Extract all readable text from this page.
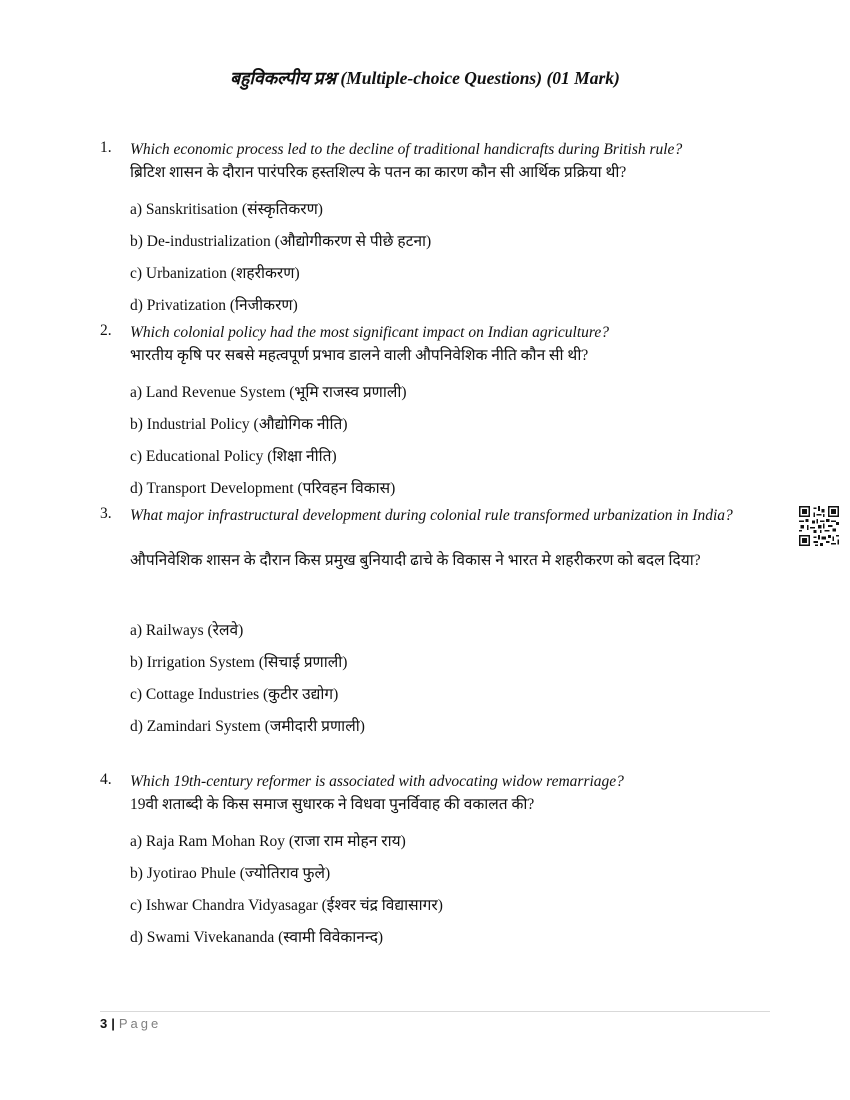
बहुविकल्पीय प्रश्न (Multiple-choice Questions) (01 Mark)
1. Which economic process led to the decline of traditional handicrafts during British rule?
ब्रिटिश शासन के दौरान पारंपरिक हस्तशिल्प के पतन का कारण कौन सी आर्थिक प्रक्रिया थी?
a) Sanskritisation (संस्कृतिकरण)
b) De-industrialization (औद्योगीकरण से पीछे हटना)
c) Urbanization (शहरीकरण)
d) Privatization (निजीकरण)
2. Which colonial policy had the most significant impact on Indian agriculture?
भारतीय कृषि पर सबसे महत्वपूर्ण प्रभाव डालने वाली औपनिवेशिक नीति कौन सी थी?
a) Land Revenue System (भूमि राजस्व प्रणाली)
b) Industrial Policy (औद्योगिक नीति)
c) Educational Policy (शिक्षा नीति)
d) Transport Development (परिवहन विकास)
3. What major infrastructural development during colonial rule transformed urbanization in India?
औपनिवेशिक शासन के दौरान किस प्रमुख बुनियादी ढाचे के विकास ने भारत मे शहरीकरण को बदल दिया?
a) Railways (रेलवे)
b) Irrigation System (सिचाई प्रणाली)
c) Cottage Industries (कुटीर उद्योग)
d) Zamindari System (जमीदारी प्रणाली)
4. Which 19th-century reformer is associated with advocating widow remarriage?
19वी शताब्दी के किस समाज सुधारक ने विधवा पुनर्विवाह की वकालत की?
a) Raja Ram Mohan Roy (राजा राम मोहन राय)
b) Jyotirao Phule (ज्योतिराव फुले)
c) Ishwar Chandra Vidyasagar (ईश्वर चंद्र विद्यासागर)
d) Swami Vivekananda (स्वामी विवेकानन्द)
3 | Page
